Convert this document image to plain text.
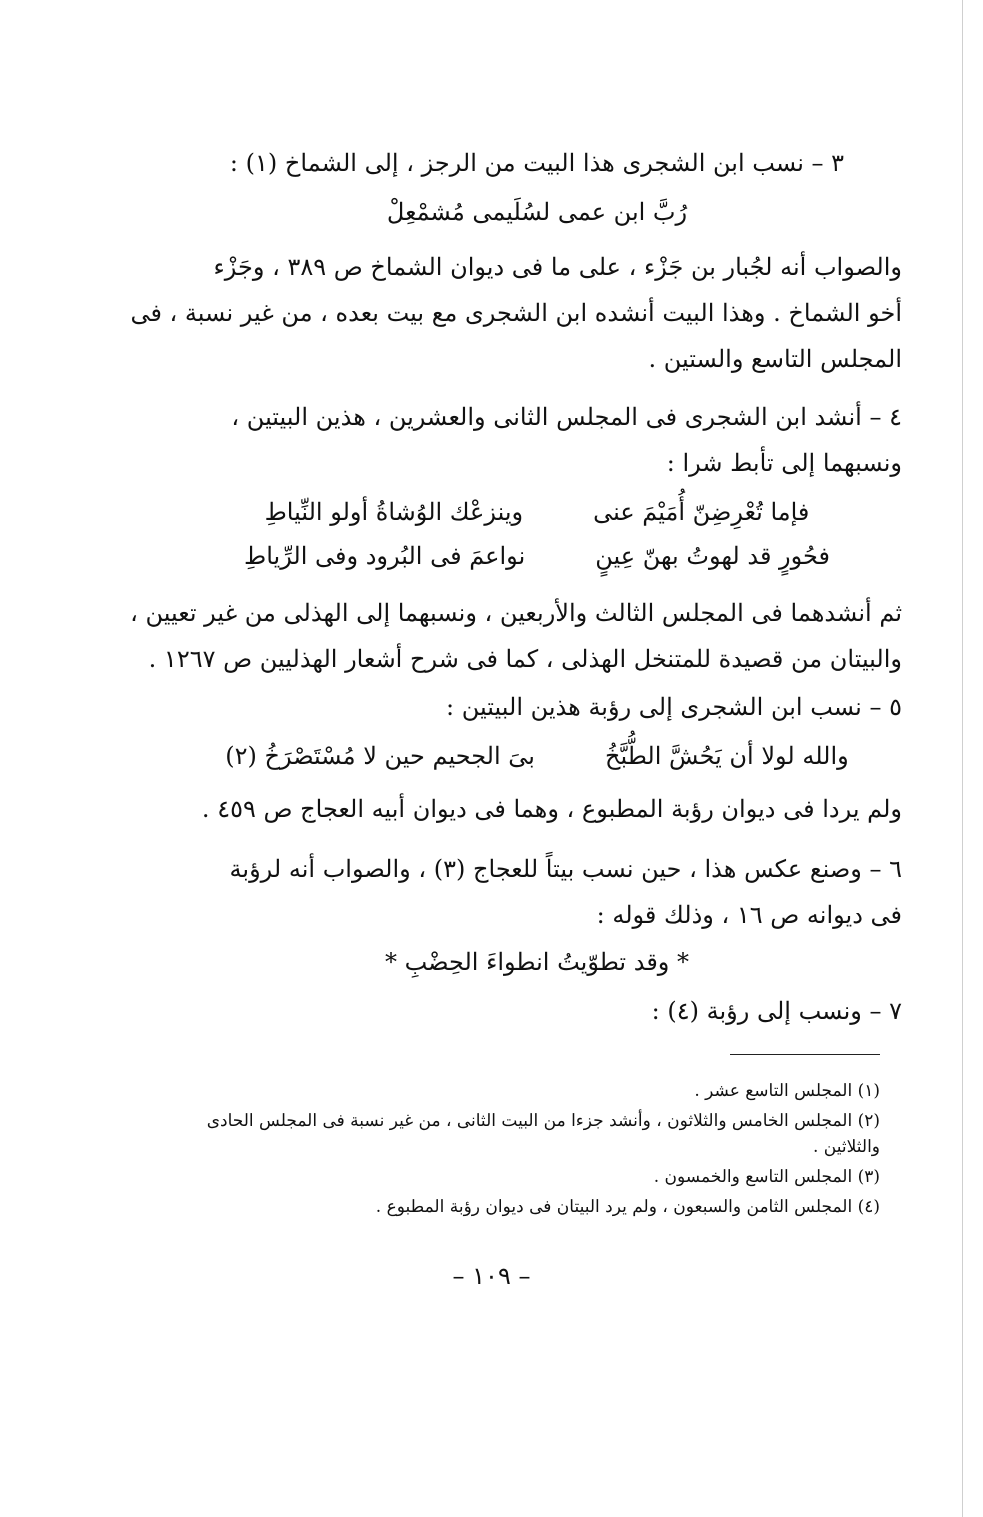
٣ – نسب ابن الشجرى هذا البيت من الرجز ، إلى الشماخ (١) :
رُبَّ ابن عمى لسُلَيمى مُشمْعِلْ
والصواب أنه لجُبار بن جَزْء ، على ما فى ديوان الشماخ ص ٣٨٩ ، وجَزْء
أخو الشماخ . وهذا البيت أنشده ابن الشجرى مع بيت بعده ، من غير نسبة ، فى
المجلس التاسع والستين .
٤ – أنشد ابن الشجرى فى المجلس الثانى والعشرين ، هذين البيتين ،
ونسبهما إلى تأبط شرا :
فإما تُعْرِضِنّ أُمَيْمَ عنى
وينزعْك الوُشاةُ أولو النِّياطِ
فحُورٍ قد لهوتُ بهنّ عِينٍ
نواعمَ فى البُرود وفى الرِّياطِ
ثم أنشدهما فى المجلس الثالث والأربعين ، ونسبهما إلى الهذلى من غير تعيين ،
والبيتان من قصيدة للمتنخل الهذلى ، كما فى شرح أشعار الهذليين ص ١٢٦٧ .
٥ – نسب ابن الشجرى إلى رؤبة هذين البيتين :
والله لولا أن يَحُشَّ الطُّبَّخُ
بىَ الجحيم حين لا مُسْتَصْرَخُ (٢)
ولم يردا فى ديوان رؤبة المطبوع ، وهما فى ديوان أبيه العجاج ص ٤٥٩ .
٦ – وصنع عكس هذا ، حين نسب بيتاً للعجاج (٣) ، والصواب أنه لرؤبة
فى ديوانه ص ١٦ ، وذلك قوله :
* وقد تطوّيتُ انطواءَ الحِضْبِ *
٧ – ونسب إلى رؤبة (٤) :
(١) المجلس التاسع عشر .
(٢) المجلس الخامس والثلاثون ، وأنشد جزءا من البيت الثانى ، من غير نسبة فى المجلس الحادى
والثلاثين .
(٣) المجلس التاسع والخمسون .
(٤) المجلس الثامن والسبعون ، ولم يرد البيتان فى ديوان رؤبة المطبوع .
– ١٠٩ –
